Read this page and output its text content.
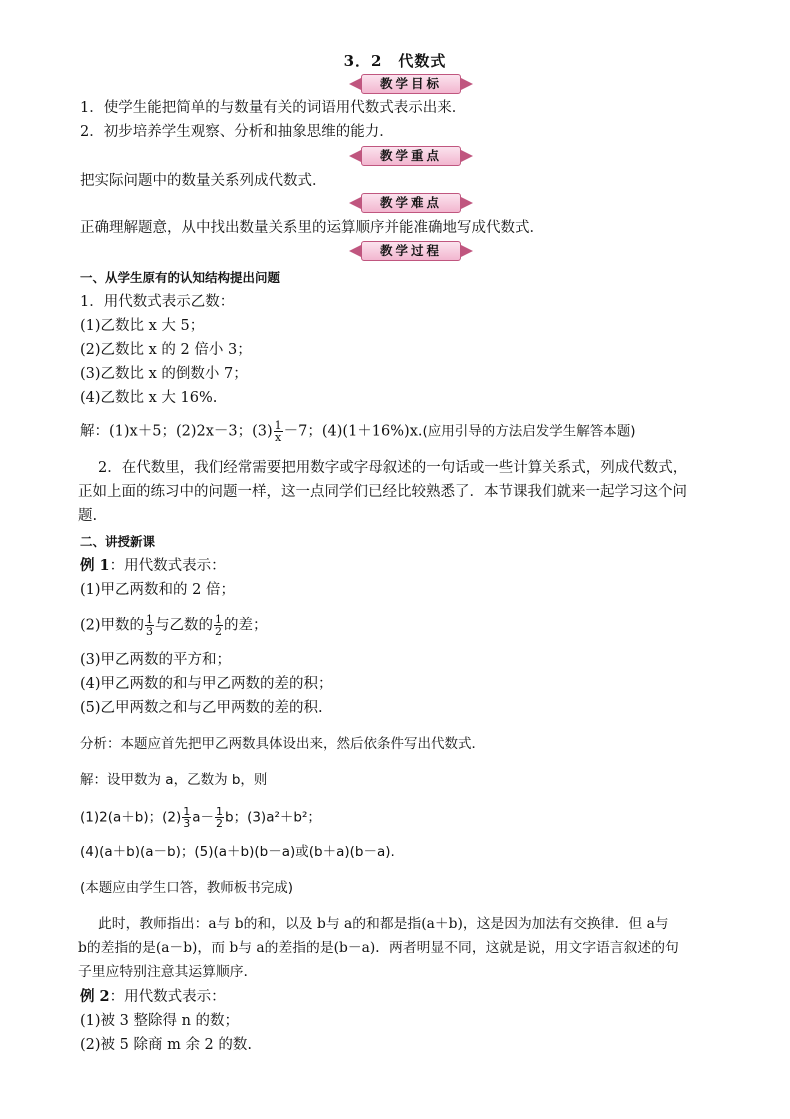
3．2　代数式
教学目标
1．使学生能把简单的与数量有关的词语用代数式表示出来．
2．初步培养学生观察、分析和抽象思维的能力．
教学重点
把实际问题中的数量关系列成代数式．
教学难点
正确理解题意，从中找出数量关系里的运算顺序并能准确地写成代数式．
教学过程
一、从学生原有的认知结构提出问题
1．用代数式表示乙数：
(1)乙数比 x 大 5；
(2)乙数比 x 的 2 倍小 3；
(3)乙数比 x 的倒数小 7；
(4)乙数比 x 大 16%.
解：(1)x＋5；(2)2x－3；$(3) \frac{1}{x} -7$；(4)(1＋16%)x.(应用引导的方法启发学生解答本题)
2．在代数里，我们经常需要把用数字或字母叙述的一句话或一些计算关系式，列成代数式，
正如上面的练习中的问题一样，这一点同学们已经比较熟悉了．本节课我们就来一起学习这个问
题.
二、讲授新课
例 1：用代数式表示：
(1)甲乙两数和的 2 倍；
(2)甲数的 $\frac{1}{3}$ 与乙数的 $\frac{1}{2}$ 的差；
(3)甲乙两数的平方和；
(4)甲乙两数的和与甲乙两数的差的积；
(5)乙甲两数之和与乙甲两数的差的积.
分析：本题应首先把甲乙两数具体设出来，然后依条件写出代数式．
解：设甲数为 a，乙数为 b，则
(1)2(a＋b)；$(2) \frac{1}{3} a- \frac{1}{2}$ b；(3)a²＋b²；
(4)(a＋b)(a－b)；(5)(a＋b)(b－a)或(b＋a)(b－a).
(本题应由学生口答，教师板书完成)
此时，教师指出：a与 b的和，以及 b与 a的和都是指(a＋b)，这是因为加法有交换律．但 a与
b的差指的是(a－b)，而 b与 a的差指的是(b－a)．两者明显不同，这就是说，用文字语言叙述的句
子里应特别注意其运算顺序.
例 2：用代数式表示：
(1)被 3 整除得 n 的数；
(2)被 5 除商 m 余 2 的数.
